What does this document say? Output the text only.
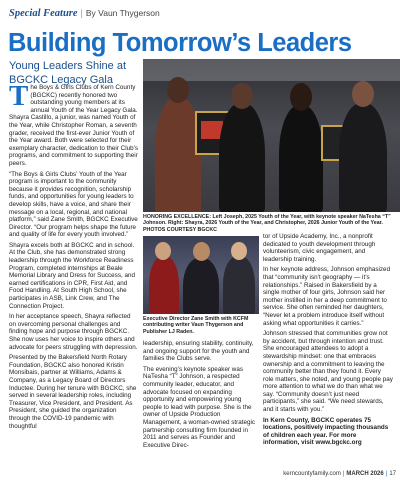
Special Feature | By Vaun Thygerson
Building Tomorrow’s Leaders
Young Leaders Shine at BGCKC Legacy Gala

The Boys & Girls Clubs of Kern County (BGCKC) recently honored two outstanding young members at its annual Youth of the Year Legacy Gala. Shayra Castillo, a junior, was named Youth of the Year, while Christopher Roman, a seventh grader, received the first-ever Junior Youth of the Year award. Both were selected for their exemplary character, dedication to their Club’s programs, and commitment to supporting their peers.

“The Boys & Girls Clubs’ Youth of the Year program is important to the community because it provides recognition, scholarship funds, and opportunities for young leaders to develop skills, have a voice, and share their message on a local, regional, and national platform,” said Zane Smith, BGCKC Executive Director. “Our program helps shape the future and quality of life for every youth involved.”

Shayra excels both at BGCKC and in school. At the Club, she has demonstrated strong leadership through the Workforce Readiness Program, completed internships at Beale Memorial Library and Dress for Success, and earned certifications in CPR, First Aid, and Food Handling. At South High School, she participates in ASB, Link Crew, and The Connection Project.

In her acceptance speech, Shayra reflected on overcoming personal challenges and finding hope and purpose through BGCKC. She now uses her voice to inspire others and advocate for peers struggling with depression.

Presented by the Bakersfield North Rotary Foundation, BGCKC also honored Kristin Monsibais, partner at Williams, Adams & Company, as a Legacy Board of Directors Inductee. During her tenure with BGCKC, she served in several leadership roles, including Treasurer, Vice President, and President. As President, she guided the organization through the COVID-19 pandemic with thoughtful

HONORING EXCELLENCE: Left Joseph, 2025 Youth of the Year, with keynote speaker NaTesha “T” Johnson. Right: Shayra, 2026 Youth of the Year, and Christopher, 2026 Junior Youth of the Year. PHOTOS COURTESY BGCKC
Executive Director Zane Smith with KCFM contributing writer Vaun Thygerson and Publisher LJ Raden.

leadership, ensuring stability, continuity, and ongoing support for the youth and families the Clubs serve.

The evening’s keynote speaker was NaTesha “T” Johnson, a respected community leader, educator, and advocate focused on expanding opportunity and empowering young people to lead with purpose. She is the owner of Upside Production Management, a woman-owned strategic partnership consulting firm founded in 2011 and serves as Founder and Executive Direc-

tor of Upside Academy, Inc., a nonprofit dedicated to youth development through volunteerism, civic engagement, and leadership training.

In her keynote address, Johnson emphasized that “community isn’t geography — it’s relationships.” Raised in Bakersfield by a single mother of four girls, Johnson said her mother instilled in her a deep commitment to service. She often reminded her daughters, “Never let a problem introduce itself without asking what opportunities it carries.”

Johnson stressed that communities grow not by accident, but through intention and trust. She encouraged attendees to adopt a stewardship mindset: one that embraces ownership and a commitment to leaving the community better than they found it. Every role matters, she noted, and young people pay more attention to what we do than what we say. “Community doesn’t just need participants,” she said. “We need stewards, and it starts with you.”

In Kern County, BGCKC operates 75 locations, positively impacting thousands of children each year. For more information, visit www.bgckc.org

kerncountyfamily.com | MARCH 2026 | 17
